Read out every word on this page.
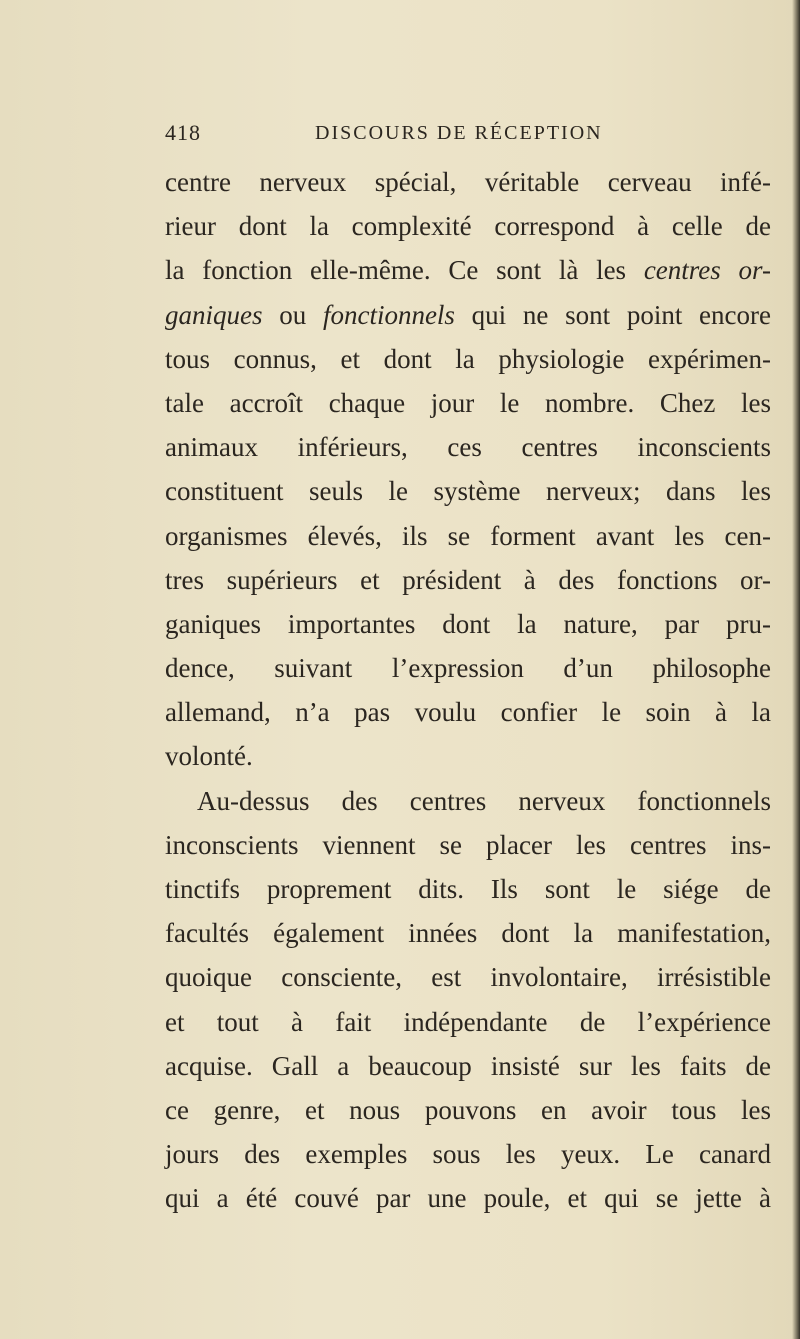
418	DISCOURS DE RÉCEPTION
centre nerveux spécial, véritable cerveau infé-
rieur dont la complexité correspond à celle de
la fonction elle-même. Ce sont là les centres or-
ganiques ou fonctionnels qui ne sont point encore
tous connus, et dont la physiologie expérimen-
tale accroît chaque jour le nombre. Chez les
animaux inférieurs, ces centres inconscients
constituent seuls le système nerveux; dans les
organismes élevés, ils se forment avant les cen-
tres supérieurs et président à des fonctions or-
ganiques importantes dont la nature, par pru-
dence, suivant l’expression d’un philosophe
allemand, n’a pas voulu confier le soin à la
volonté.
Au-dessus des centres nerveux fonctionnels
inconscients viennent se placer les centres ins-
tinctifs proprement dits. Ils sont le siége de
facultés également innées dont la manifestation,
quoique consciente, est involontaire, irrésistible
et tout à fait indépendante de l’expérience
acquise. Gall a beaucoup insisté sur les faits de
ce genre, et nous pouvons en avoir tous les
jours des exemples sous les yeux. Le canard
qui a été couvé par une poule, et qui se jette à
